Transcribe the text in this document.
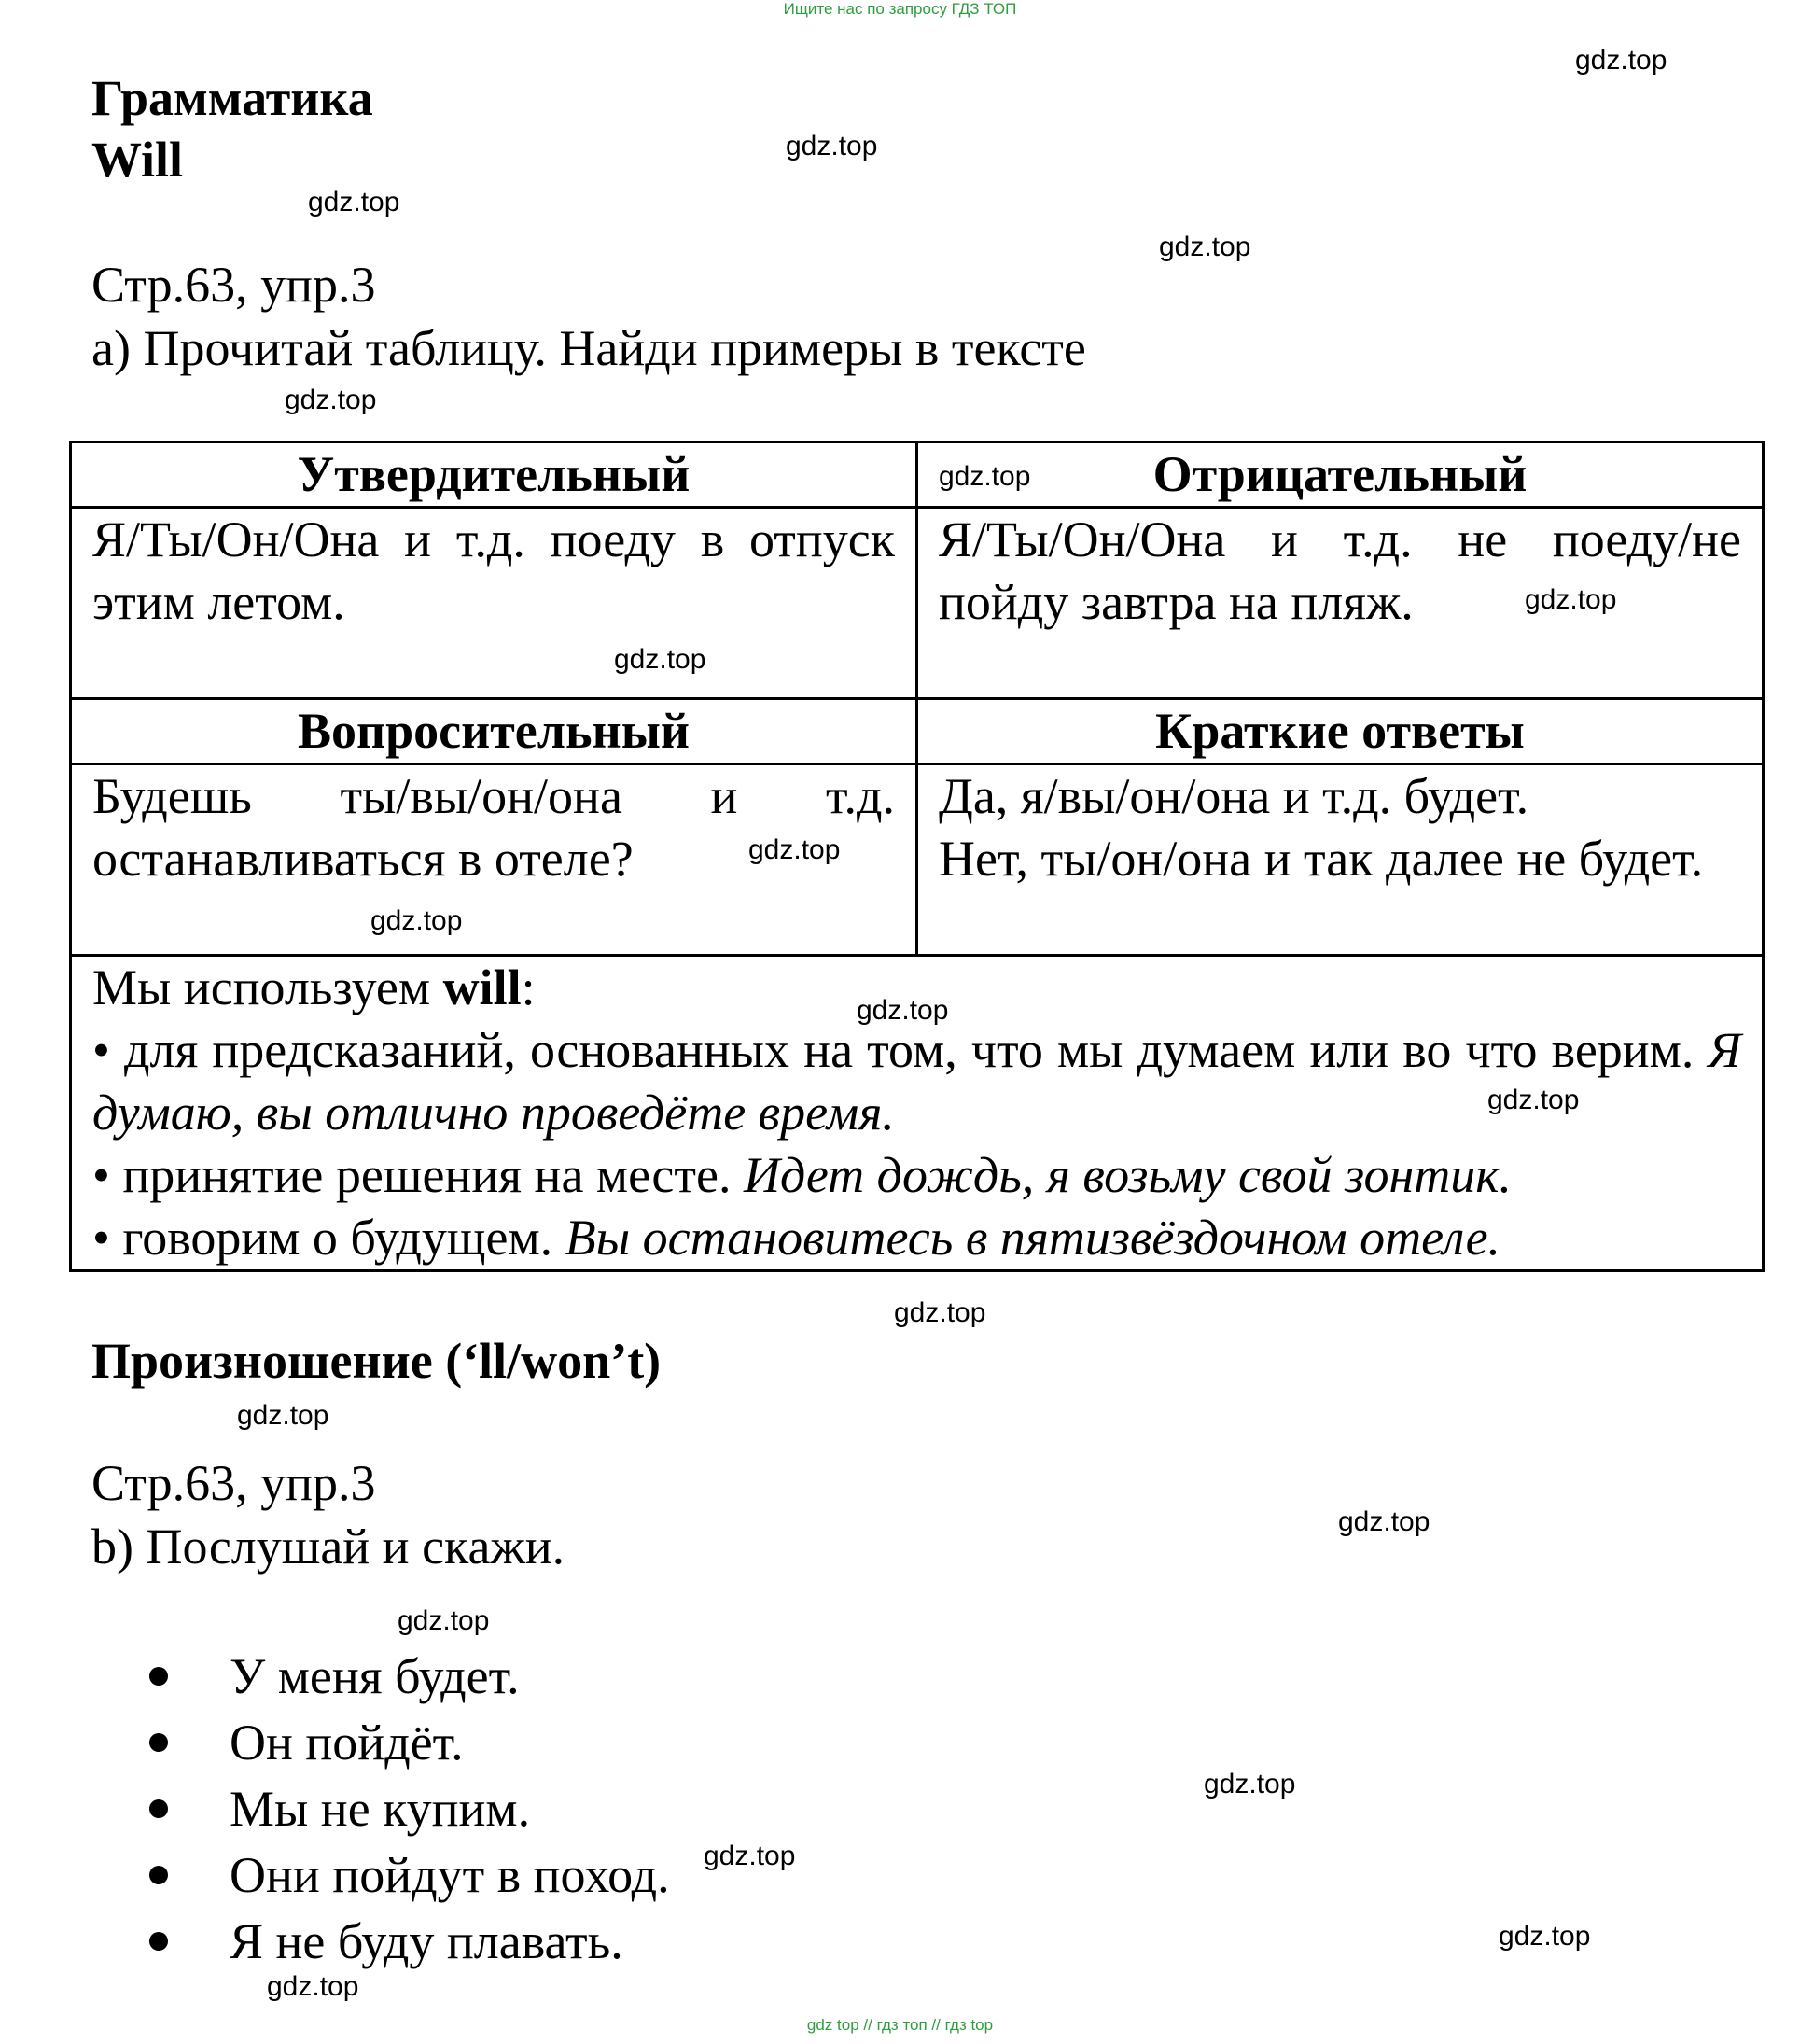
Ищите нас по запросу ГДЗ ТОП
Грамматика
Will
Стр.63, упр.3
a) Прочитай таблицу. Найди примеры в тексте
Утвердительный	Отрицательный
Я/Ты/Он/Она и т.д. поеду в отпуск этим летом.	Я/Ты/Он/Она и т.д. не поеду/не пойду завтра на пляж.
Вопросительный	Краткие ответы
Будешь ты/вы/он/она и т.д. останавливаться в отеле?	Да, я/вы/он/она и т.д. будет.
Нет, ты/он/она и так далее не будет.

Мы используем will:
• для предсказаний, основанных на том, что мы думаем или во что верим. Я думаю, вы отлично проведёте время.
• принятие решения на месте. Идет дождь, я возьму свой зонтик.
• говорим о будущем. Вы остановитесь в пятизвёздочном отеле.	
Произношение (‘ll/won’t)
Стр.63, упр.3
b) Послушай и скажи.
У меня будет.
Он пойдёт.
Мы не купим.
Они пойдут в поход.
Я не буду плавать.
gdz.top
gdz.top
gdz.top
gdz.top
gdz.top
gdz.top
gdz.top
gdz.top
gdz.top
gdz.top
gdz.top
gdz.top
gdz.top
gdz.top
gdz.top
gdz.top
gdz.top
gdz.top
gdz.top
gdz.top
gdz top // гдз топ // гдз top
